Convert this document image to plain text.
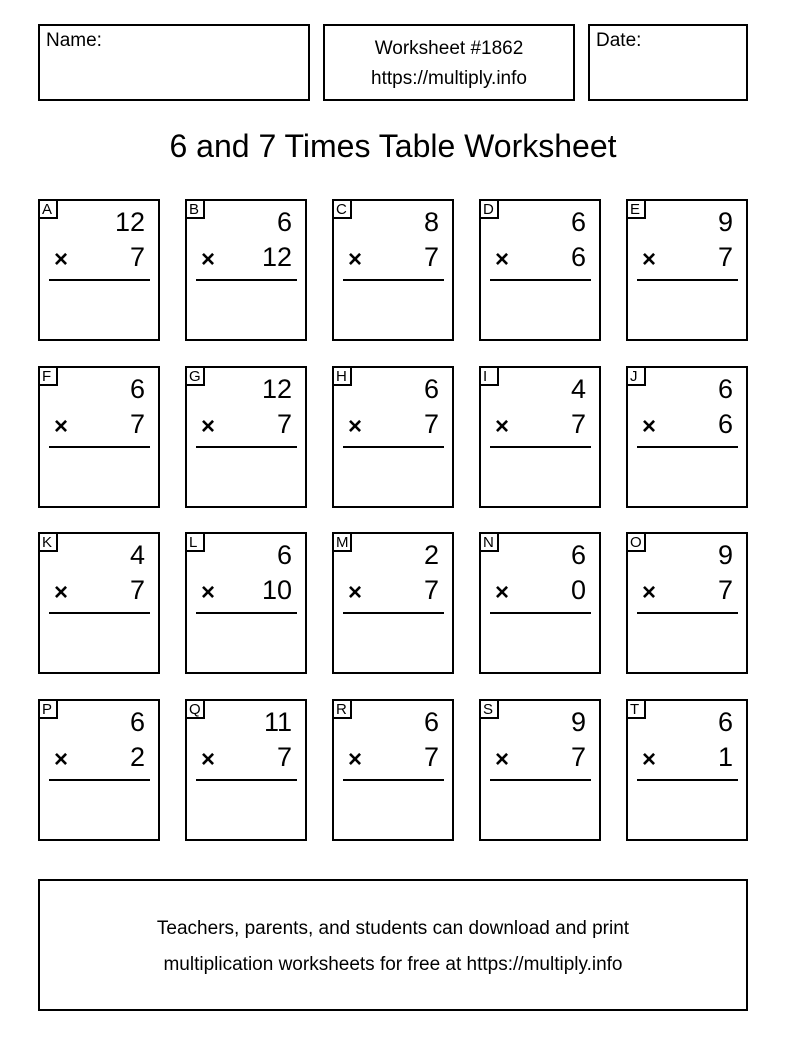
Name:	Worksheet #1862
https://multiply.info
Date:
6 and 7 Times Table Worksheet
A 12
× 7
B	6
× 12
C	8
× 7
D	6
× 6
E	9
× 7
F	6
× 7
G 12
× 7
H	6
× 7
I	4
× 7
J	6
× 6
K	4
× 7
L	6
× 10
M	2
× 7
N	6
× 0
O	9
× 7
P	6
× 2
Q 11
× 7
R	6
× 7
S	9
× 7
T	6
× 1
Teachers, parents, and students can download and print
multiplication worksheets for free at https://multiply.info
